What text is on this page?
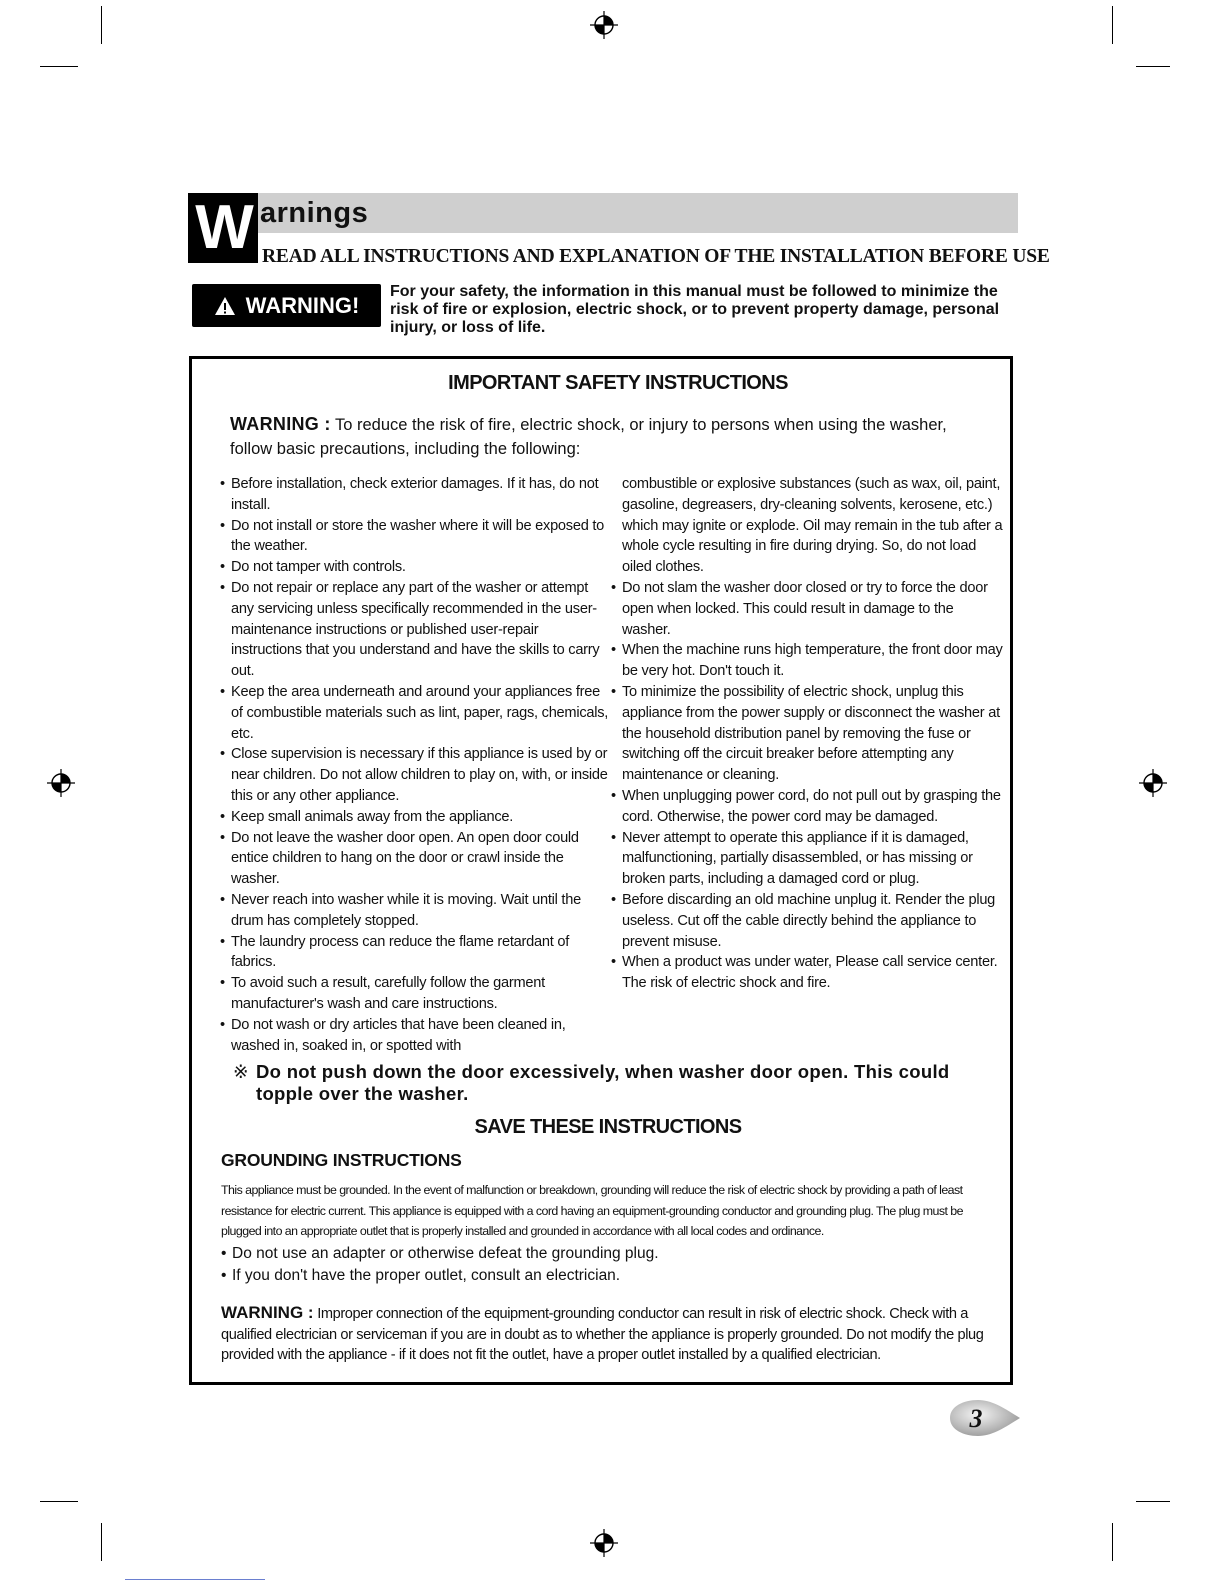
W arnings
READ ALL INSTRUCTIONS AND EXPLANATION OF THE INSTALLATION BEFORE USE
WARNING!
For your safety, the information in this manual must be followed to minimize the risk of fire or explosion, electric shock, or to prevent property damage, personal injury, or loss of life.
IMPORTANT SAFETY INSTRUCTIONS
WARNING : To reduce the risk of fire, electric shock, or injury to persons when using the washer, follow basic precautions, including the following:
• Before installation, check exterior damages. If it has, do not install.
• Do not install or store the washer where it will be exposed to the weather.
• Do not tamper with controls.
• Do not repair or replace any part of the washer or attempt any servicing unless specifically recommended in the user-maintenance instructions or published user-repair instructions that you understand and have the skills to carry out.
• Keep the area underneath and around your appliances free of combustible materials such as lint, paper, rags, chemicals, etc.
• Close supervision is necessary if this appliance is used by or near children. Do not allow children to play on, with, or inside this or any other appliance.
• Keep small animals away from the appliance.
• Do not leave the washer door open. An open door could entice children to hang on the door or crawl inside the washer.
• Never reach into washer while it is moving. Wait until the drum has completely stopped.
• The laundry process can reduce the flame retardant of fabrics.
• To avoid such a result, carefully follow the garment manufacturer's wash and care instructions.
• Do not wash or dry articles that have been cleaned in, washed in, soaked in, or spotted with
combustible or explosive substances (such as wax, oil, paint, gasoline, degreasers, dry-cleaning solvents, kerosene, etc.) which may ignite or explode. Oil may remain in the tub after a whole cycle resulting in fire during drying. So, do not load oiled clothes.
• Do not slam the washer door closed or try to force the door open when locked. This could result in damage to the washer.
• When the machine runs high temperature, the front door may be very hot. Don't touch it.
• To minimize the possibility of electric shock, unplug this appliance from the power supply or disconnect the washer at the household distribution panel by removing the fuse or switching off the circuit breaker before attempting any maintenance or cleaning.
• When unplugging power cord, do not pull out by grasping the cord. Otherwise, the power cord may be damaged.
• Never attempt to operate this appliance if it is damaged, malfunctioning, partially disassembled, or has missing or broken parts, including a damaged cord or plug.
• Before discarding an old machine unplug it. Render the plug useless. Cut off the cable directly behind the appliance to prevent misuse.
• When a product was under water, Please call service center. The risk of electric shock and fire.
※ Do not push down the door excessively, when washer door open. This could topple over the washer.
SAVE THESE INSTRUCTIONS
GROUNDING INSTRUCTIONS
This appliance must be grounded. In the event of malfunction or breakdown, grounding will reduce the risk of electric shock by providing a path of least resistance for electric current. This appliance is equipped with a cord having an equipment-grounding conductor and grounding plug. The plug must be plugged into an appropriate outlet that is properly installed and grounded in accordance with all local codes and ordinance.
• Do not use an adapter or otherwise defeat the grounding plug.
• If you don't have the proper outlet, consult an electrician.
WARNING : Improper connection of the equipment-grounding conductor can result in risk of electric shock. Check with a qualified electrician or serviceman if you are in doubt as to whether the appliance is properly grounded. Do not modify the plug provided with the appliance - if it does not fit the outlet, have a proper outlet installed by a qualified electrician.
3
